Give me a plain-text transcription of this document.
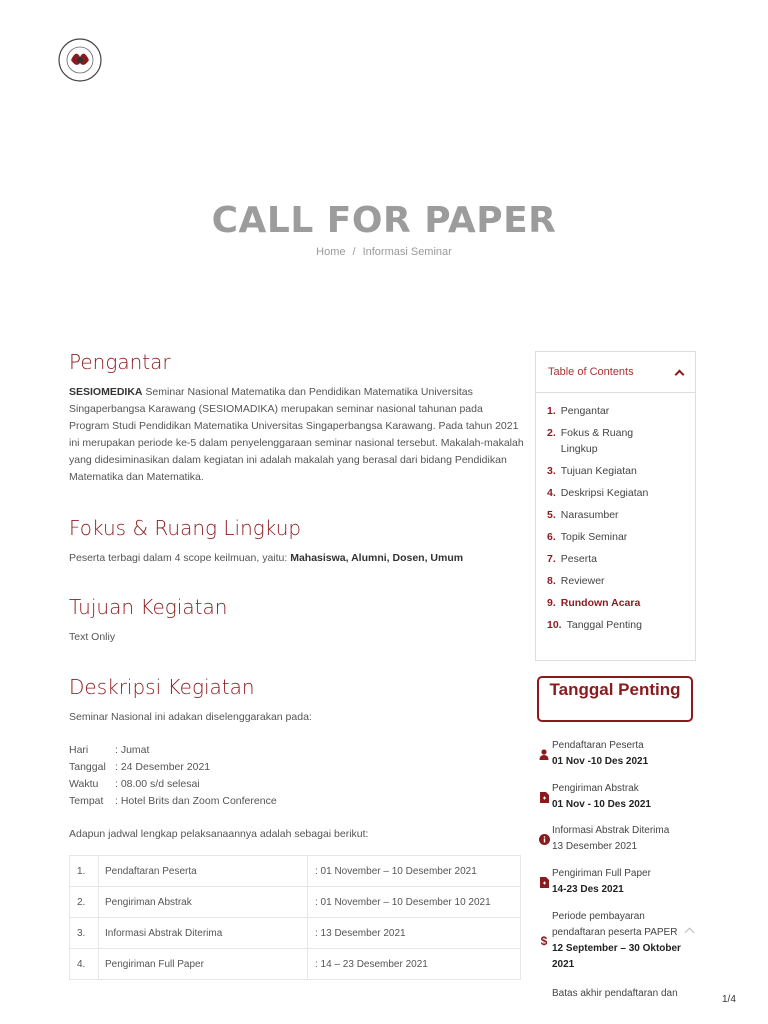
CALL FOR PAPER
Home / Informasi Seminar
Pengantar

SESIOMEDIKA Seminar Nasional Matematika dan Pendidikan Matematika Universitas Singaperbangsa Karawang (SESIOMADIKA) merupakan seminar nasional tahunan pada Program Studi Pendidikan Matematika Universitas Singaperbangsa Karawang. Pada tahun 2021 ini merupakan periode ke-5 dalam penyelenggaraan seminar nasional tersebut. Makalah-makalah yang didesiminasikan dalam kegiatan ini adalah makalah yang berasal dari bidang Pendidikan Matematika dan Matematika.

Fokus & Ruang Lingkup

Peserta terbagi dalam 4 scope keilmuan, yaitu: Mahasiswa, Alumni, Dosen, Umum

Tujuan Kegiatan

Text Onliy

Deskripsi Kegiatan

Seminar Nasional ini adakan diselenggarakan pada:

Hari	: Jumat
Tanggal : 24 Desember 2021
Waktu	: 08.00 s/d selesai
Tempat	: Hotel Brits dan Zoom Conference

Adapun jadwal lengkap pelaksanaannya adalah sebagai berikut:

1.	Pendaftaran Peserta	: 01 November – 10 Desember 2021
2.	Pengiriman Abstrak	: 01 November – 10 Desember 10 2021
3.	Informasi Abstrak Diterima	: 13 Desember 2021
4.	Pengiriman Full Paper	: 14 – 23 Desember 2021
Table of Contents
1. Pengantar
2. Fokus & Ruang Lingkup
3. Tujuan Kegiatan
4. Deskripsi Kegiatan
5. Narasumber
6. Topik Seminar
7. Peserta
8. Reviewer
9. Rundown Acara
10. Tanggal Penting
Tanggal Penting
Pendaftaran Peserta
01 Nov -10 Des 2021
Pengiriman Abstrak
01 Nov - 10 Des 2021
Informasi Abstrak Diterima
13 Desember 2021
Pengiriman Full Paper
14-23 Des 2021
$
Periode pembayaran pendaftaran peserta PAPER
12 September – 30 Oktober 2021
Batas akhir pendaftaran dan
1/4
